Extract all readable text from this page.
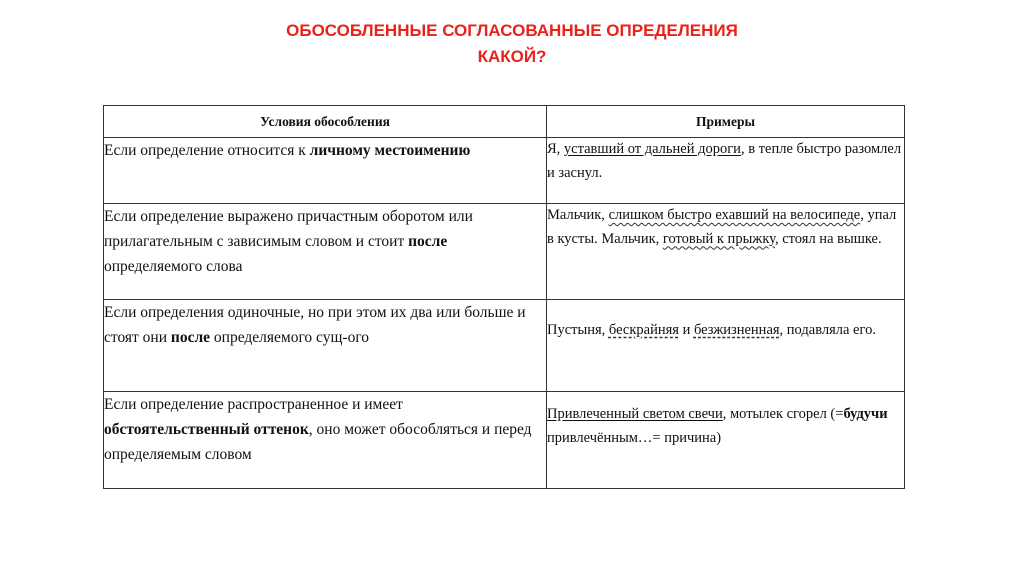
ОБОСОБЛЕННЫЕ СОГЛАСОВАННЫЕ ОПРЕДЕЛЕНИЯ
КАКОЙ?
Условия обособления	Примеры
Если определение относится к личному местоимению	Я, уставший от дальней дороги, в тепле быстро разомлел и заснул.
Если определение выражено причастным оборотом или прилагательным с зависимым словом и стоит после определяемого слова	Мальчик, слишком быстро ехавший на велосипеде, упал в кусты. Мальчик, готовый к прыжку, стоял на вышке.
Если определения одиночные, но при этом их два или больше и стоят они после определяемого сущ-ого	Пустыня, бескрайняя и безжизненная, подавляла его.
Если определение распространенное и имеет обстоятельственный оттенок, оно может обособляться и перед определяемым словом	Привлеченный светом свечи, мотылек сгорел (=будучи привлечённым…= причина)
